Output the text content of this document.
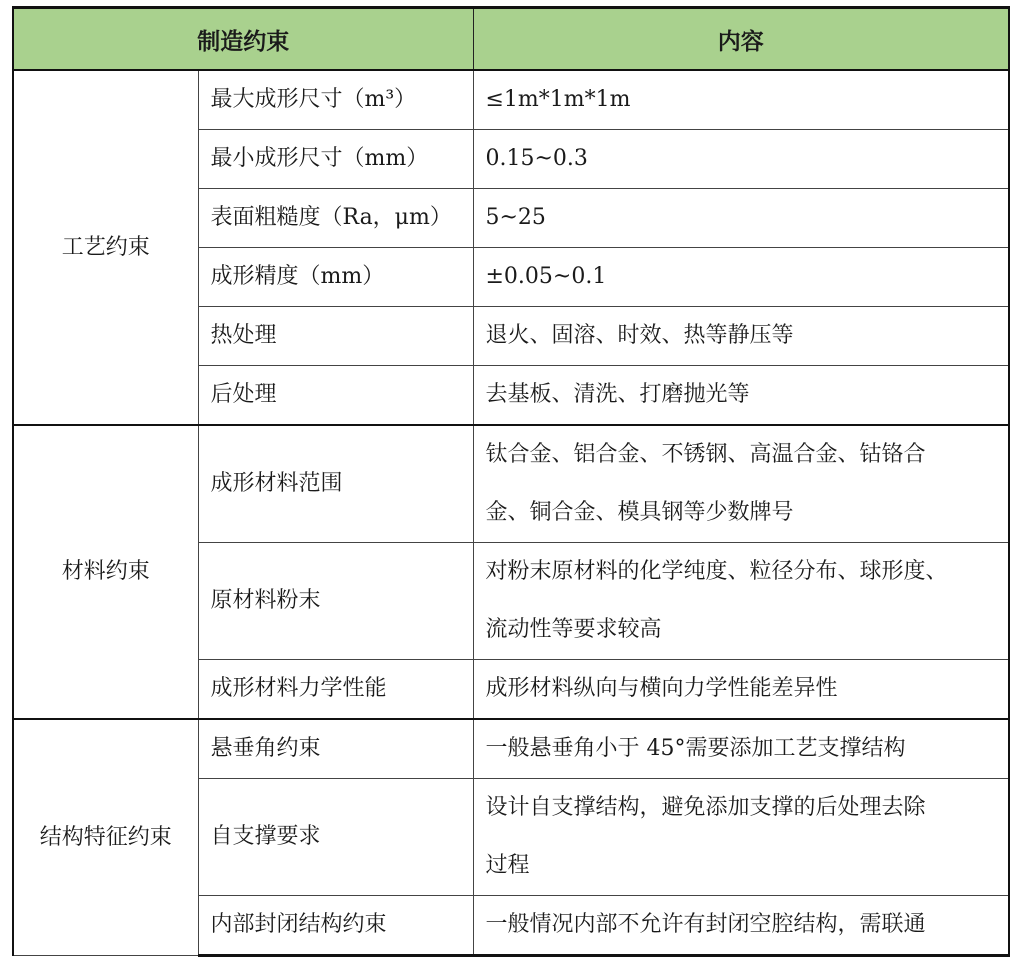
制造约束		内容
工艺约束	最大成形尺寸（m³）	≤1m*1m*1m
	最小成形尺寸（mm）	0.15~0.3
	表面粗糙度（Ra，μm）	5~25
	成形精度（mm）	±0.05~0.1
	热处理	退火、固溶、时效、热等静压等
	后处理	去基板、清洗、打磨抛光等
材料约束	成形材料范围	钛合金、铝合金、不锈钢、高温合金、钴铬合
金、铜合金、模具钢等少数牌号
	原材料粉末	对粉末原材料的化学纯度、粒径分布、球形度、
流动性等要求较高
	成形材料力学性能	成形材料纵向与横向力学性能差异性
结构特征约束	悬垂角约束	一般悬垂角小于 45°需要添加工艺支撑结构
	自支撑要求	设计自支撑结构，避免添加支撑的后处理去除
过程
	内部封闭结构约束	一般情况内部不允许有封闭空腔结构，需联通
